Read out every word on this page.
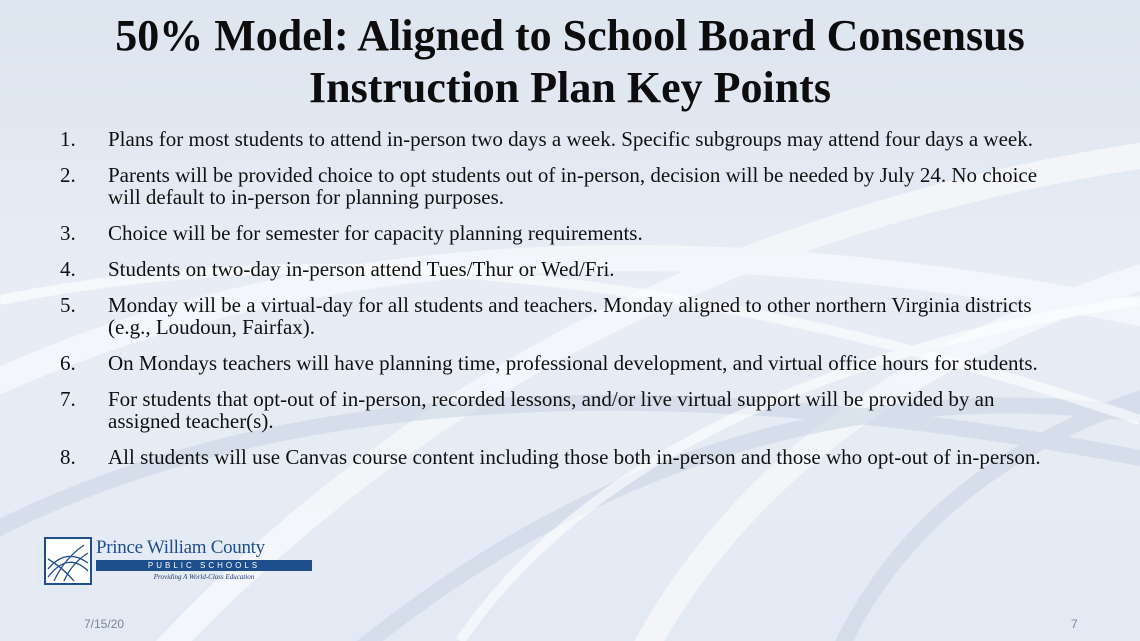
50% Model: Aligned to School Board Consensus
Instruction Plan Key Points
1.	Plans for most students to attend in-person two days a week. Specific subgroups may attend four days a week.
2.	Parents will be provided choice to opt students out of in-person, decision will be needed by July 24. No choice will default to in-person for planning purposes.
3.	Choice will be for semester for capacity planning requirements.
4.	Students on two-day in-person attend Tues/Thur or Wed/Fri.
5.	Monday will be a virtual-day for all students and teachers. Monday aligned to other northern Virginia districts (e.g., Loudoun, Fairfax).
6.	On Mondays teachers will have planning time, professional development, and virtual office hours for students.
7.	For students that opt-out of in-person, recorded lessons, and/or live virtual support will be provided by an assigned teacher(s).
8.	All students will use Canvas course content including those both in-person and those who opt-out of in-person.
Prince William County
PUBLIC SCHOOLS
Providing A World-Class Education
7/15/20	7
